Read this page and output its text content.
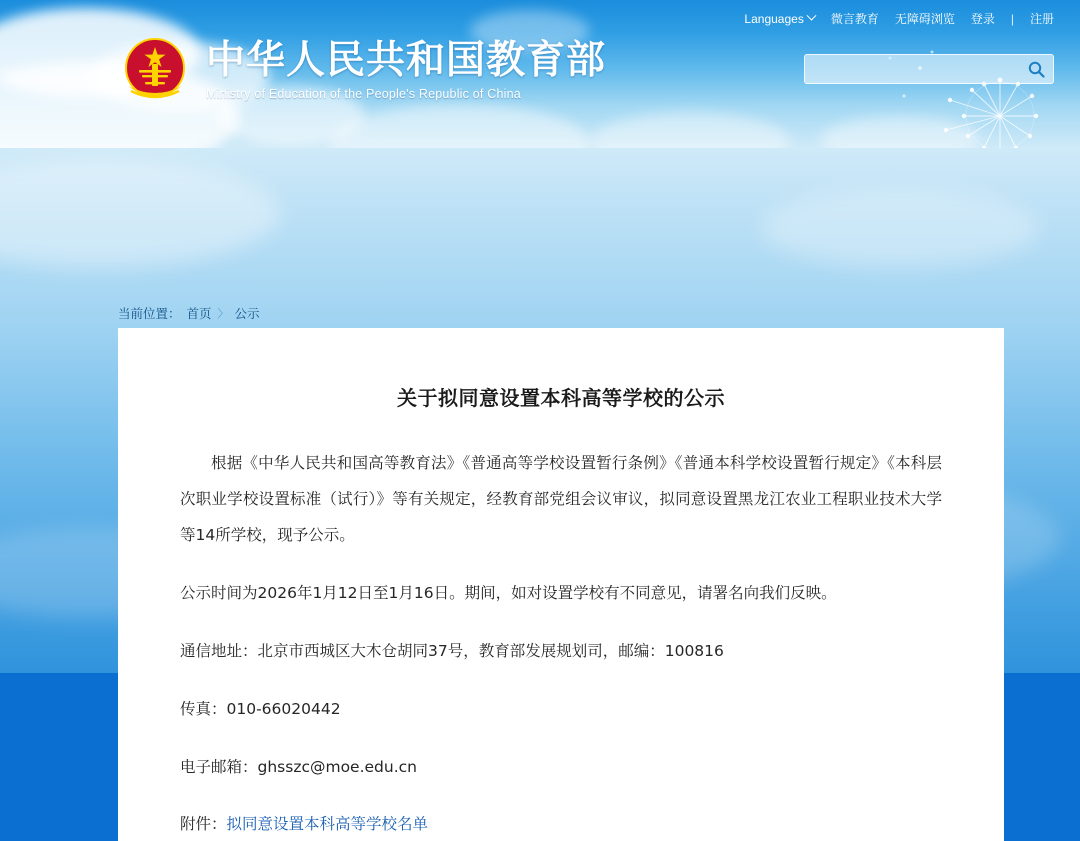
Languages 微言教育 无障碍浏览 登录 | 注册
中华人民共和国教育部
Ministry of Education of the People's Republic of China
当前位置： 首页 〉 公示
关于拟同意设置本科高等学校的公示

根据《中华人民共和国高等教育法》《普通高等学校设置暂行条例》《普通本科学校设置暂行规定》《本科层次职业学校设置标准（试行）》等有关规定，经教育部党组会议审议，拟同意设置黑龙江农业工程职业技术大学等14所学校，现予公示。

公示时间为2026年1月12日至1月16日。期间，如对设置学校有不同意见，请署名向我们反映。

通信地址：北京市西城区大木仓胡同37号，教育部发展规划司，邮编：100816

传真：010-66020442

电子邮箱：ghsszc@moe.edu.cn

附件：拟同意设置本科高等学校名单
